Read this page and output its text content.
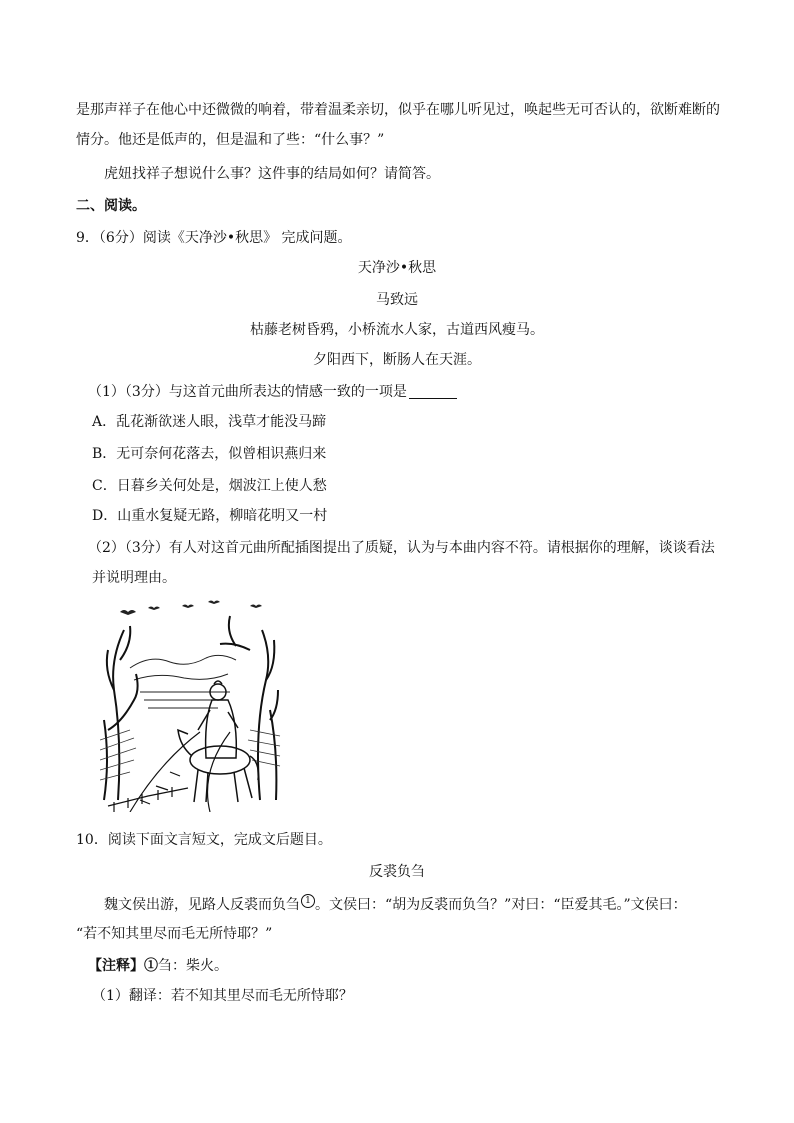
是那声祥子在他心中还微微的响着，带着温柔亲切，似乎在哪儿听见过，唤起些无可否认的，欲断难断的
情分。他还是低声的，但是温和了些：“什么事？”
虎妞找祥子想说什么事？这件事的结局如何？请简答。
二、阅读。
9．（6分）阅读《天净沙•秋思》 完成问题。
天净沙•秋思
马致远
枯藤老树昏鸦，小桥流水人家，古道西风瘦马。
夕阳西下，断肠人在天涯。
（1）（3分）与这首元曲所表达的情感一致的一项是
A．乱花渐欲迷人眼，浅草才能没马蹄
B．无可奈何花落去，似曾相识燕归来
C．日暮乡关何处是，烟波江上使人愁
D．山重水复疑无路，柳暗花明又一村
（2）（3分）有人对这首元曲所配插图提出了质疑，认为与本曲内容不符。请根据你的理解，谈谈看法
并说明理由。
10．阅读下面文言短文，完成文后题目。
反裘负刍
魏文侯出游，见路人反裘而负刍 1 。文侯曰：“胡为反裘而负刍？”对曰：“臣爱其毛。”文侯曰：
“若不知其里尽而毛无所恃耶？”
【注释】①刍：柴火。
（1）翻译：若不知其里尽而毛无所恃耶？
